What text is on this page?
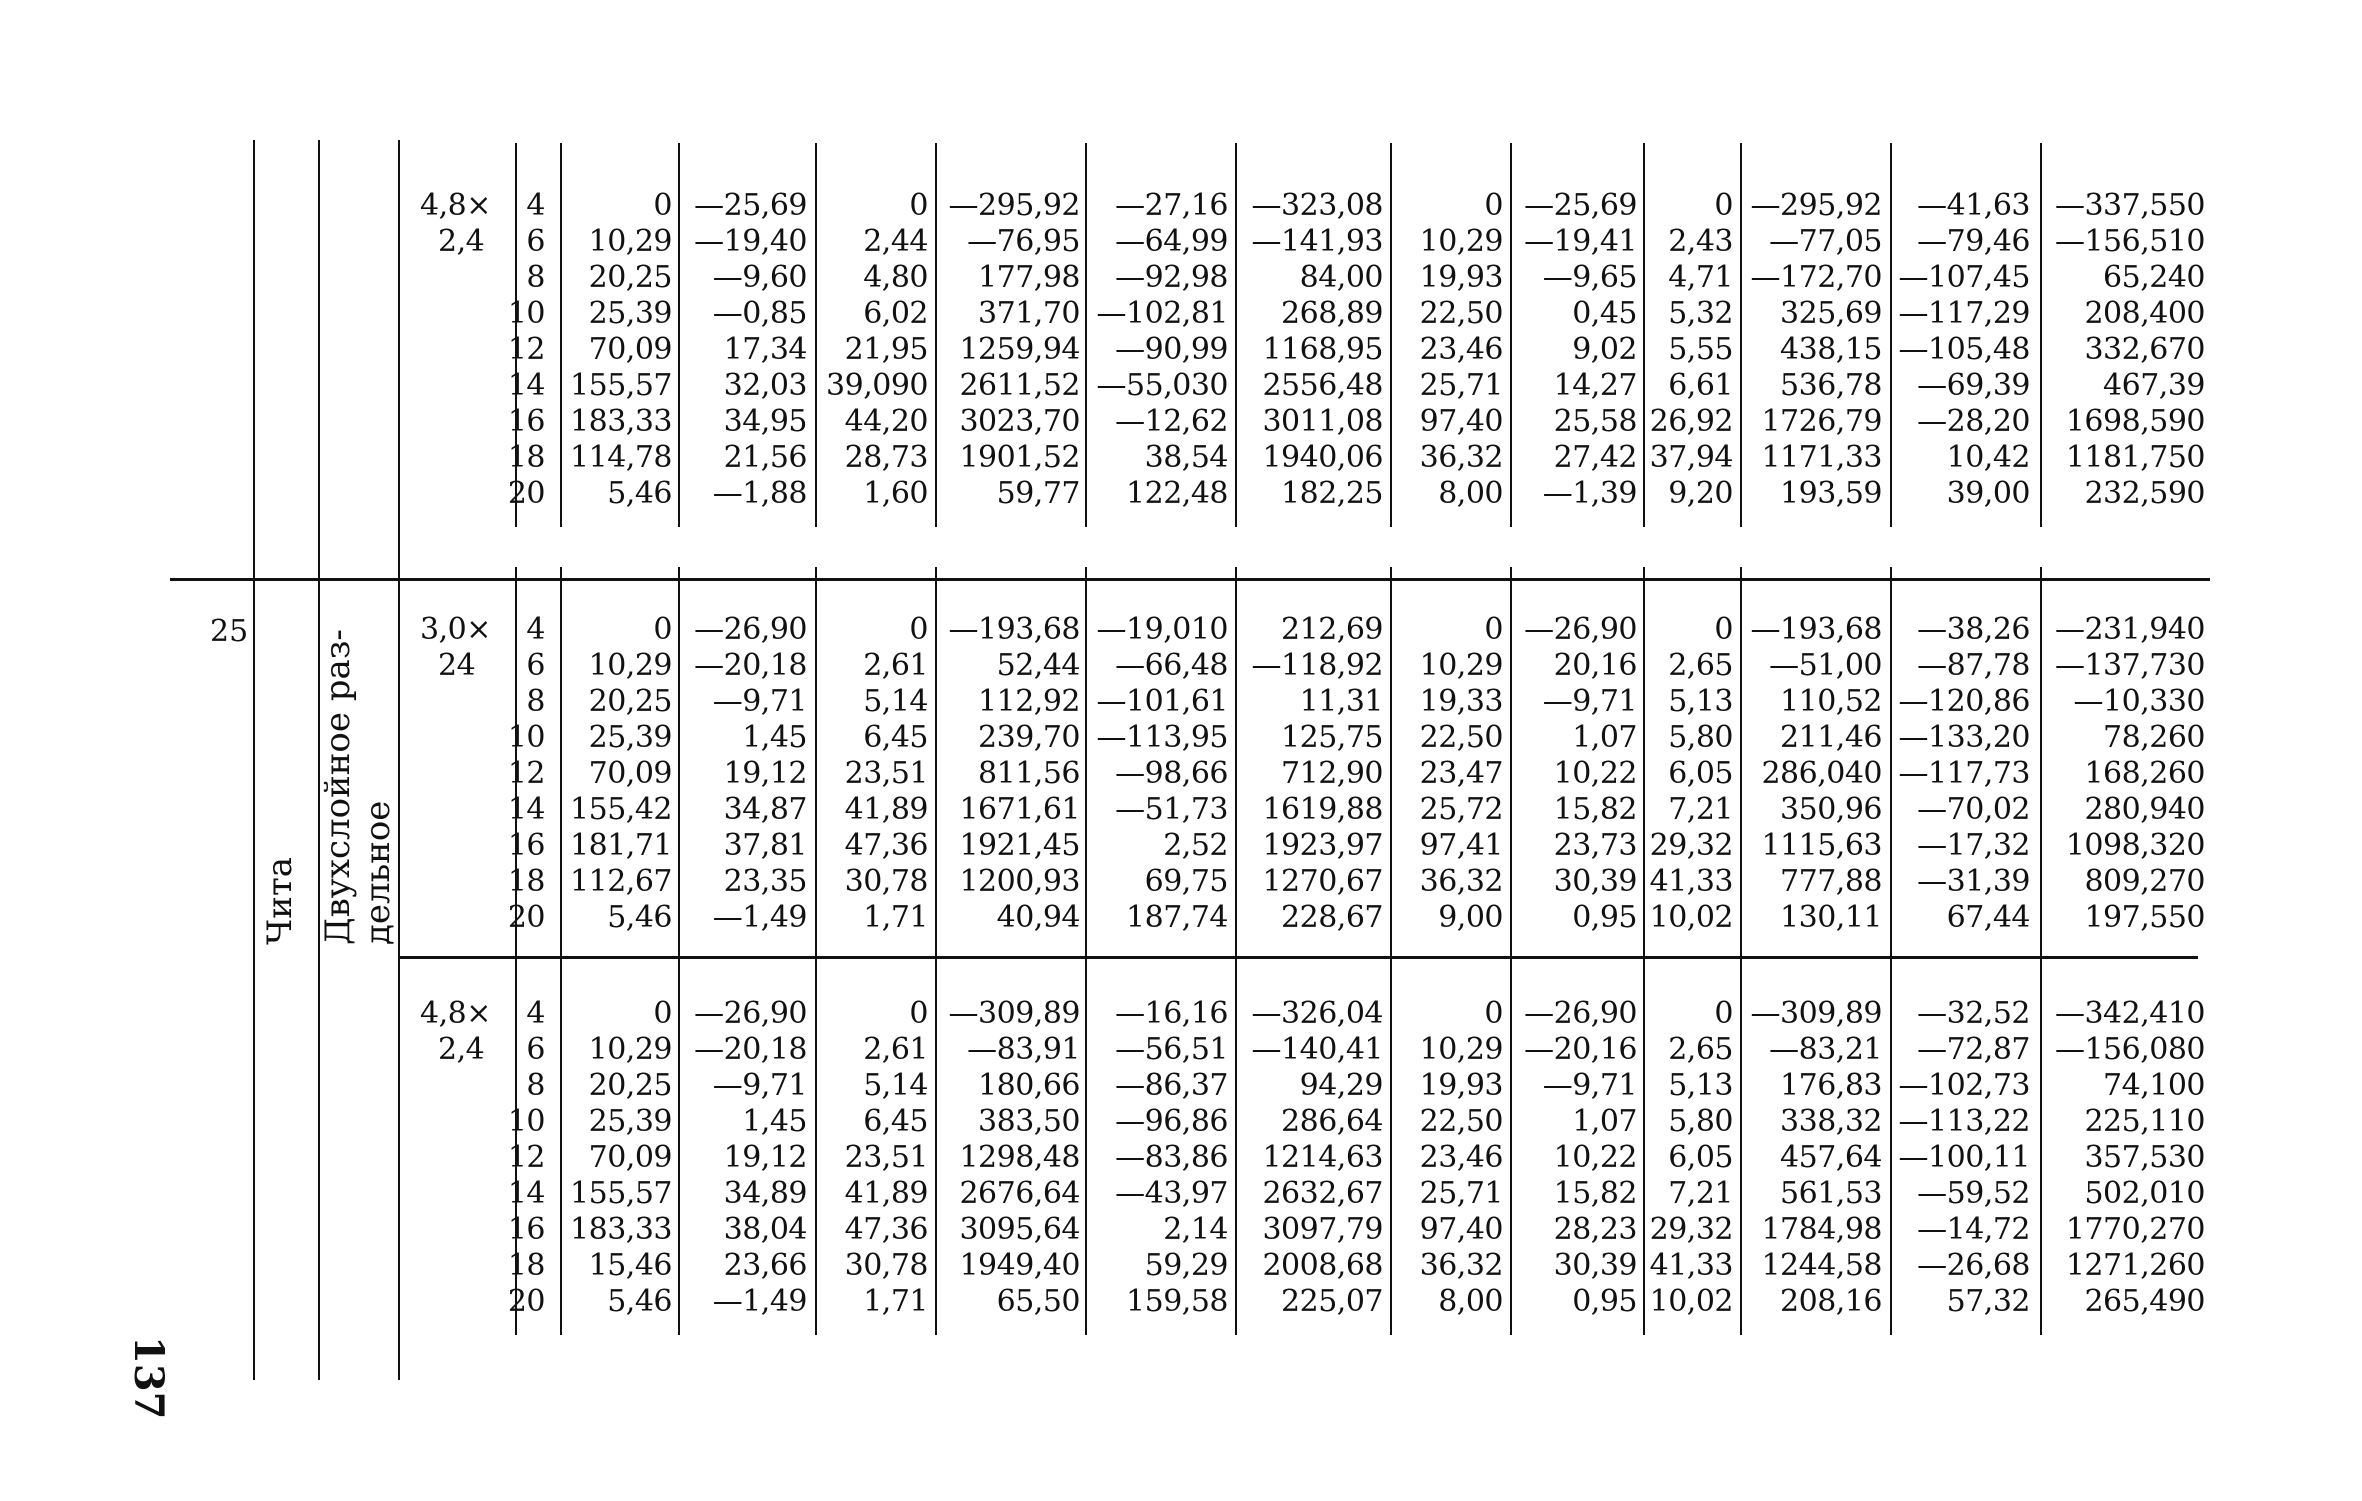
25
Чита Двухслойное раз- дельное
137
4,8×
2,4
4	0 —25,69	0 —295,92 —27,16 —323,08	0 —25,69	0 —295,92 —41,63 —337,550
6 10,29 —19,40 2,44 —76,95 —64,99 —141,93 10,29 —19,41 2,43 —77,05 —79,46 —156,510
8 20,25 —9,60 4,80 177,98 —92,98 84,00 19,93 —9,65 4,71 —172,70 —107,45 65,240
10 25,39 —0,85 6,02 371,70 —102,81 268,89 22,50 0,45 5,32 325,69 —117,29 208,400
12 70,09 17,34 21,95 1259,94 —90,99 1168,95 23,46 9,02 5,55 438,15 —105,48 332,670
14 155,57 32,03 39,090 2611,52 —55,030 2556,48 25,71 14,27 6,61 536,78 —69,39 467,39
16 183,33 34,95 44,20 3023,70 —12,62 3011,08 97,40 25,58 26,92 1726,79 —28,20 1698,590
18 114,78 21,56 28,73 1901,52 38,54 1940,06 36,32 27,42 37,94 1171,33 10,42 1181,750
20 5,46 —1,88 1,60 59,77 122,48 182,25 8,00 —1,39 9,20 193,59 39,00 232,590
3,0×
24
4	0 —26,90	0 —193,68 —19,010 212,69	0 —26,90	0 —193,68 —38,26 —231,940
6 10,29 —20,18 2,61 52,44 —66,48 —118,92 10,29 20,16 2,65 —51,00 —87,78 —137,730
8 20,25 —9,71 5,14 112,92 —101,61 11,31 19,33 —9,71 5,13 110,52 —120,86 —10,330
10 25,39 1,45 6,45 239,70 —113,95 125,75 22,50 1,07 5,80 211,46 —133,20 78,260
12 70,09 19,12 23,51 811,56 —98,66 712,90 23,47 10,22 6,05 286,040 —117,73 168,260
14 155,42 34,87 41,89 1671,61 —51,73 1619,88 25,72 15,82 7,21 350,96 —70,02 280,940
16 181,71 37,81 47,36 1921,45	2,52 1923,97 97,41 23,73 29,32 1115,63 —17,32 1098,320
18 112,67 23,35 30,78 1200,93 69,75 1270,67 36,32 30,39 41,33 777,88 —31,39 809,270
20 5,46 —1,49 1,71 40,94 187,74 228,67 9,00 0,95 10,02 130,11 67,44 197,550
4,8×
2,4
4	0 —26,90	0 —309,89 —16,16 —326,04	0 —26,90	0 —309,89 —32,52 —342,410
6 10,29 —20,18 2,61 —83,91 —56,51 —140,41 10,29 —20,16 2,65 —83,21 —72,87 —156,080
8 20,25 —9,71 5,14 180,66 —86,37 94,29 19,93 —9,71 5,13 176,83 —102,73 74,100
10 25,39 1,45 6,45 383,50 —96,86 286,64 22,50 1,07 5,80 338,32 —113,22 225,110
12 70,09 19,12 23,51 1298,48 —83,86 1214,63 23,46 10,22 6,05 457,64 —100,11 357,530
14 155,57 34,89 41,89 2676,64 —43,97 2632,67 25,71 15,82 7,21 561,53 —59,52 502,010
16 183,33 38,04 47,36 3095,64	2,14 3097,79 97,40 28,23 29,32 1784,98 —14,72 1770,270
18 15,46 23,66 30,78 1949,40 59,29 2008,68 36,32 30,39 41,33 1244,58 —26,68 1271,260
20 5,46 —1,49 1,71 65,50 159,58 225,07 8,00 0,95 10,02 208,16 57,32 265,490
